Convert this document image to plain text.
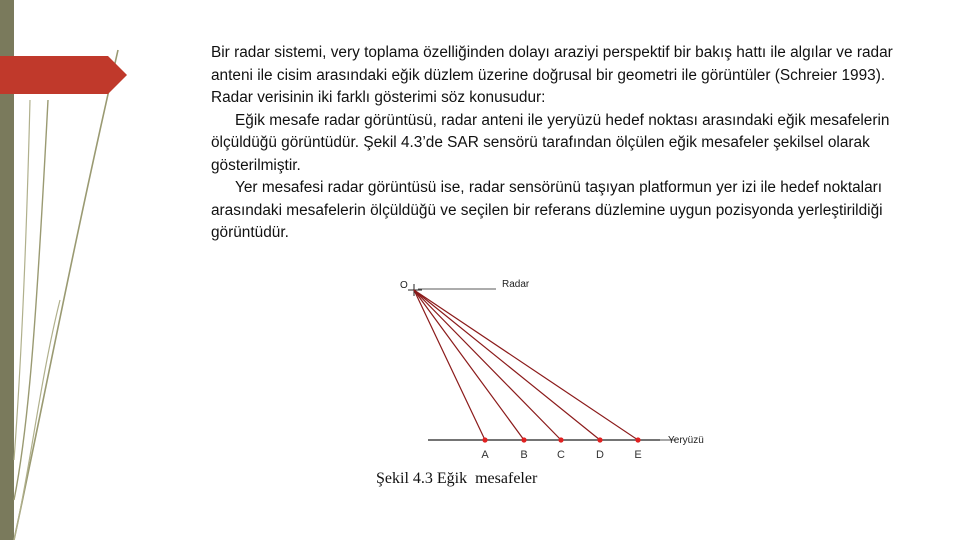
Bir radar sistemi, very toplama özelliğinden dolayı araziyi perspektif bir bakış hattı ile algılar ve radar anteni ile cisim arasındaki eğik düzlem üzerine doğrusal bir geometri ile görüntüler (Schreier 1993). Radar verisinin iki farklı gösterimi söz konusudur:

Eğik mesafe radar görüntüsü, radar anteni ile yeryüzü hedef noktası arasındaki eğik mesafelerin ölçüldüğü görüntüdür. Şekil 4.3’de SAR sensörü tarafından ölçülen eğik mesafeler şekilsel olarak gösterilmiştir.

Yer mesafesi radar görüntüsü ise, radar sensörünü taşıyan platformun yer izi ile hedef noktaları arasındaki mesafelerin ölçüldüğü ve seçilen bir referans düzlemine uygun pozisyonda yerleştirildiği görüntüdür.

O	Radar
Yeryüzü
A	B	C	D	E
Şekil 4.3 Eğik  mesafeler
